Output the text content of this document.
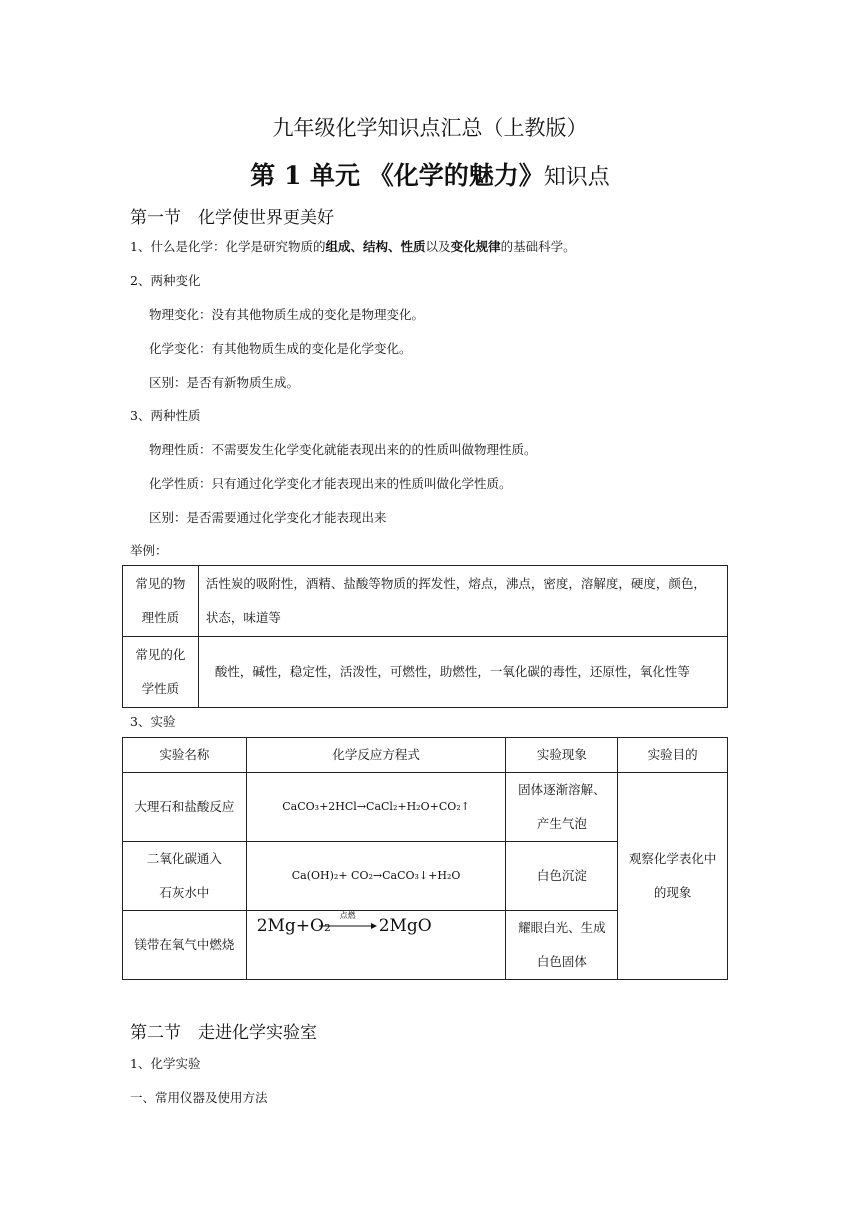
九年级化学知识点汇总（上教版）
第 1 单元 《化学的魅力》知识点
第一节　化学使世界更美好
1、什么是化学：化学是研究物质的组成、结构、性质以及变化规律的基础科学。
2、两种变化
物理变化：没有其他物质生成的变化是物理变化。
化学变化：有其他物质生成的变化是化学变化。
区别：是否有新物质生成。
3、两种性质
物理性质：不需要发生化学变化就能表现出来的的性质叫做物理性质。
化学性质：只有通过化学变化才能表现出来的性质叫做化学性质。
区别：是否需要通过化学变化才能表现出来
举例：
常见的物
理性质	活性炭的吸附性，酒精、盐酸等物质的挥发性，熔点，沸点，密度，溶解度，硬度，颜色，
状态，味道等
常见的化
学性质	酸性，碱性，稳定性，活泼性，可燃性，助燃性，一氧化碳的毒性，还原性，氧化性等
3、实验
实验名称	化学反应方程式	实验现象	实验目的
大理石和盐酸反应	CaCO₃+2HCl→CaCl₂+H₂O+CO₂↑	固体逐渐溶解、
产生气泡	观察化学表化中
的现象
二氧化碳通入
石灰水中	Ca(OH)₂+ CO₂→CaCO₃↓+H₂O	白色沉淀	
镁带在氧气中燃烧	2Mg+O₂
点燃
2MgO	耀眼白光、生成
白色固体	
第二节　走进化学实验室
1、化学实验
一、常用仪器及使用方法
